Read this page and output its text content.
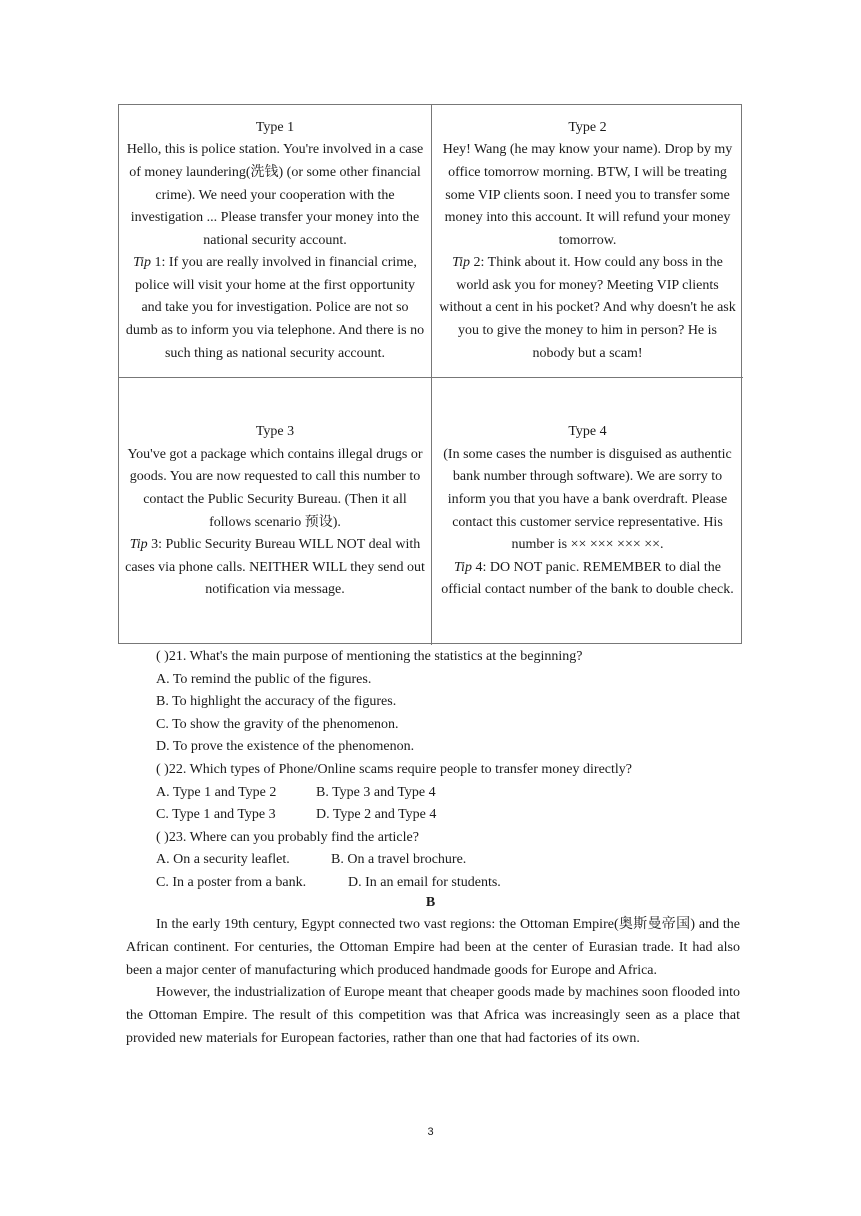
Type 1

Hello, this is police station. You're involved in a case of money laundering(洗钱) (or some other financial crime). We need your cooperation with the investigation ... Please transfer your money into the national security account.

Tip 1: If you are really involved in financial crime, police will visit your home at the first opportunity and take you for investigation. Police are not so dumb as to inform you via telephone. And there is no such thing as national security account.

Type 2

Hey! Wang (he may know your name). Drop by my office tomorrow morning. BTW, I will be treating some VIP clients soon. I need you to transfer some money into this account. It will refund your money tomorrow.

Tip 2: Think about it. How could any boss in the world ask you for money? Meeting VIP clients without a cent in his pocket? And why doesn't he ask you to give the money to him in person? He is nobody but a scam!

Type 3

You've got a package which contains illegal drugs or goods. You are now requested to call this number to contact the Public Security Bureau. (Then it all follows scenario 预设).

Tip 3: Public Security Bureau WILL NOT deal with cases via phone calls. NEITHER WILL they send out notification via message.

Type 4

(In some cases the number is disguised as authentic bank number through software). We are sorry to inform you that you have a bank overdraft. Please contact this customer service representative. His number is ×× ××× ××× ××.

Tip 4: DO NOT panic. REMEMBER to dial the official contact number of the bank to double check.

( )21. What's the main purpose of mentioning the statistics at the beginning?
A. To remind the public of the figures.
B. To highlight the accuracy of the figures.
C. To show the gravity of the phenomenon.
D. To prove the existence of the phenomenon.
( )22. Which types of Phone/Online scams require people to transfer money directly?
A. Type 1 and Type 2	B. Type 3 and Type 4
C. Type 1 and Type 3	D. Type 2 and Type 4
( )23. Where can you probably find the article?
A. On a security leaflet.	B. On a travel brochure.
C. In a poster from a bank.	D. In an email for students.
B

In the early 19th century, Egypt connected two vast regions: the Ottoman Empire(奥斯曼帝国) and the African continent. For centuries, the Ottoman Empire had been at the center of Eurasian trade. It had also been a major center of manufacturing which produced handmade goods for Europe and Africa.

However, the industrialization of Europe meant that cheaper goods made by machines soon flooded into the Ottoman Empire. The result of this competition was that Africa was increasingly seen as a place that provided new materials for European factories, rather than one that had factories of its own.

3
